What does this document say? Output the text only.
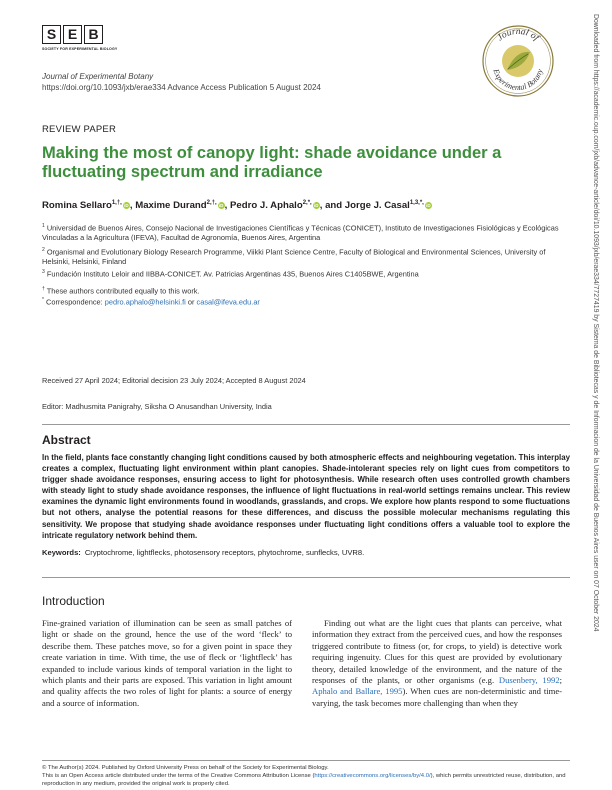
S E B
SOCIETY FOR EXPERIMENTAL BIOLOGY
Journal of Experimental Botany
https://doi.org/10.1093/jxb/erae334 Advance Access Publication 5 August 2024
Journal of
Experimental Botany	Downloaded from https://academic.oup.com/jxb/advance-article/doi/10.1093/jxb/erae334/7727419 by Sistema de Bibliotecas y de Informacion de la Universidad de Buenos Aires user on 07 October 2024
REVIEW PAPER
Making the most of canopy light: shade avoidance under a fluctuating spectrum and irradiance
Romina Sellaro$^{1,\dagger,}$ iD, Maxime Durand$^{2,\dagger,}$ iD, Pedro J. Aphalo$^{2,*,}$ iD, and Jorge J. Casal$^{1,3,*,}$ iD
$^1$ Universidad de Buenos Aires, Consejo Nacional de Investigaciones Científicas y Técnicas (CONICET), Instituto de Investigaciones Fisiológicas y Ecológicas Vinculadas a la Agricultura (IFEVA), Facultad de Agronomía, Buenos Aires, Argentina
$^2$ Organismal and Evolutionary Biology Research Programme, Viikki Plant Science Centre, Faculty of Biological and Environmental Sciences, University of Helsinki, Helsinki, Finland
$^3$ Fundación Instituto Leloir and IIBBA-CONICET. Av. Patricias Argentinas 435, Buenos Aires C1405BWE, Argentina
† These authors contributed equally to this work.
* Correspondence: pedro.aphalo@helsinki.fi or casal@ifeva.edu.ar
Received 27 April 2024; Editorial decision 23 July 2024; Accepted 8 August 2024
Editor: Madhusmita Panigrahy, Siksha O Anusandhan University, India
Abstract
In the field, plants face constantly changing light conditions caused by both atmospheric effects and neighbouring vegetation. This interplay creates a complex, fluctuating light environment within plant canopies. Shade-intolerant species rely on light cues from competitors to trigger shade avoidance responses, ensuring access to light for photosynthesis. While research often uses controlled growth chambers with steady light to study shade avoidance responses, the influence of light fluctuations in real-world settings remains unclear. This review examines the dynamic light environments found in woodlands, grasslands, and crops. We explore how plants respond to some fluctuations but not others, analyse the potential reasons for these differences, and discuss the possible molecular mechanisms regulating this sensitivity. We propose that studying shade avoidance responses under fluctuating light conditions offers a valuable tool to explore the intricate regulatory network behind them.
Keywords: Cryptochrome, lightflecks, photosensory receptors, phytochrome, sunflecks, UVR8.
Introduction

Fine-grained variation of illumination can be seen as small patches of light or shade on the ground, hence the use of the word ‘fleck’ to describe them. These patches move, so for a given point in space they create variation in time. With time, the use of fleck or ‘lightfleck’ has expanded to include various kinds of temporal variation in the light to which plants and their parts are exposed. This variation in light amount and quality affects the two roles of light for plants: a source of energy and a source of information.

Finding out what are the light cues that plants can perceive, what information they extract from the perceived cues, and how the responses triggered contribute to fitness (or, for crops, to yield) is detective work requiring ingenuity. Clues for this quest are provided by evolutionary theory, detailed knowledge of the environment, and the nature of the responses of the plants, or other organisms (e.g. Dusenbery, 1992; Aphalo and Ballare, 1995). When cues are non-deterministic and time-varying, the task becomes more challenging than when they

© The Author(s) 2024. Published by Oxford University Press on behalf of the Society for Experimental Biology.
This is an Open Access article distributed under the terms of the Creative Commons Attribution License (https://creativecommons.org/licenses/by/4.0/), which permits unrestricted reuse, distribution, and reproduction in any medium, provided the original work is properly cited.
